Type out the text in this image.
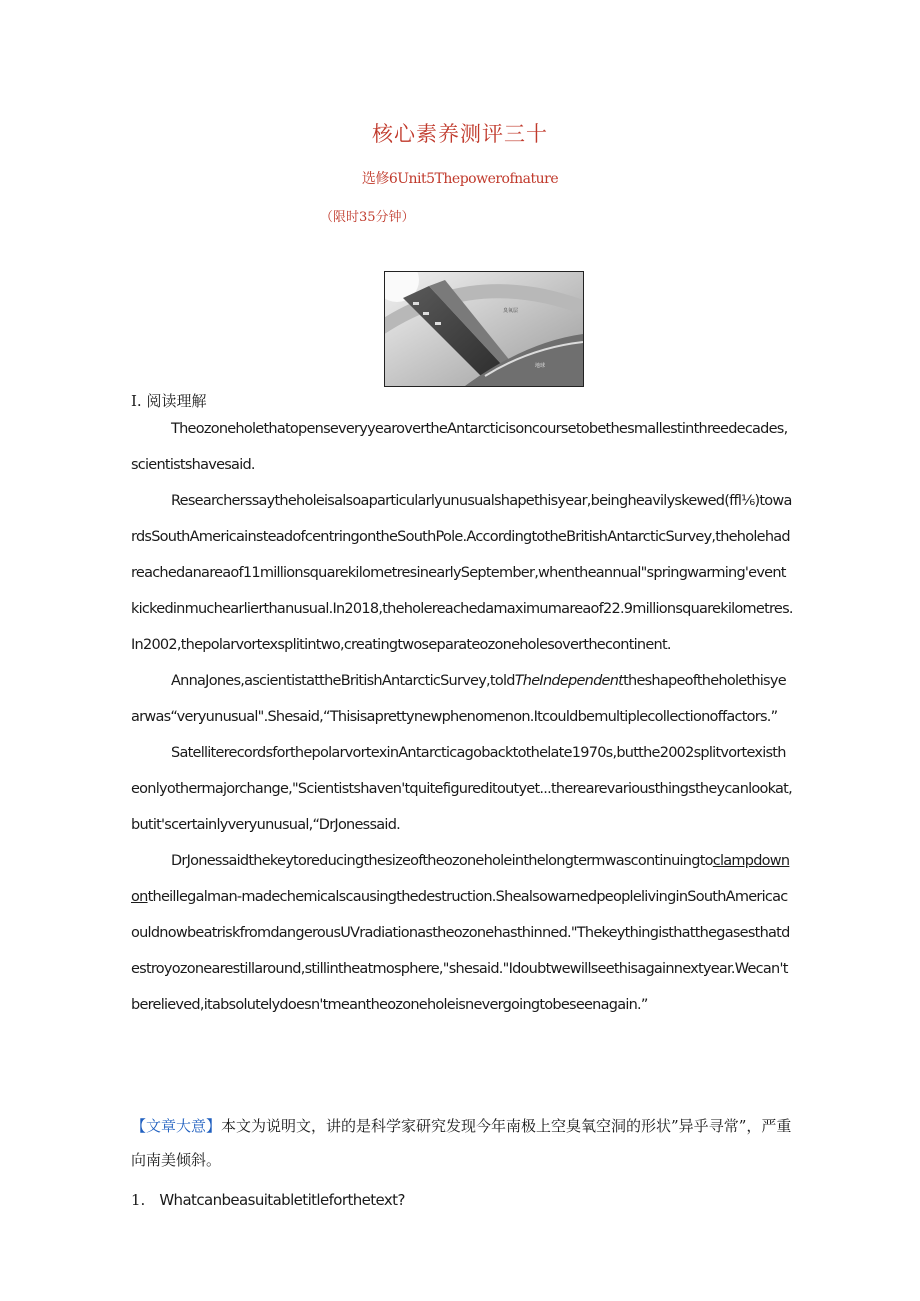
核心素养测评三十
选修6Unit5Thepowerofnature
（限时35分钟）
臭氧层
地球
I. 阅读理解

TheozoneholethatopenseveryyearovertheAntarcticisoncoursetobethesmallestinthreedecades,scientistshavesaid.

Researcherssaytheholeisalsoaparticularlyunusualshapethisyear,beingheavilyskewed(ffl⅙)towardsSouthAmericainsteadofcentringontheSouthPole.AccordingtotheBritishAntarcticSurvey,theholehadreachedanareaof11millionsquarekilometresinearlySeptember,whentheannual"springwarming'eventkickedinmuchearlierthanusual.In2018,theholereachedamaximumareaof22.9millionsquarekilometres.In2002,thepolarvortexsplitintwo,creatingtwoseparateozoneholesoverthecontinent.

AnnaJones,ascientistattheBritishAntarcticSurvey,toldTheIndependenttheshapeoftheholethisyearwas“veryunusual".Shesaid,“Thisisaprettynewphenomenon.Itcouldbemultiplecollectionoffactors.”

SatelliterecordsforthepolarvortexinAntarcticagobacktothelate1970s,butthe2002splitvortexistheonlyothermajorchange,"Scientistshaven'tquitefigureditoutyet...therearevariousthingstheycanlookat,butit'scertainlyveryunusual,“DrJonessaid.

DrJonessaidthekeytoreducingthesizeoftheozoneholeinthelongtermwascontinuingtoclampdownontheillegalman-madechemicalscausingthedestruction.ShealsowarnedpeoplelivinginSouthAmericacouldnowbeatriskfromdangerousUVradiationastheozonehasthinned."Thekeythingisthatthegasesthatdestroyozonearestillaround,stillintheatmosphere,"shesaid."Idoubtwewillseethisagainnextyear.Wecan'tberelieved,itabsolutelydoesn'tmeantheozoneholeisnevergoingtobeseenagain.”

【文章大意】本文为说明文，讲的是科学家研究发现今年南极上空臭氧空洞的形状”异乎寻常”，严重向南美倾斜。
1. Whatcanbeasuitabletitleforthetext?
